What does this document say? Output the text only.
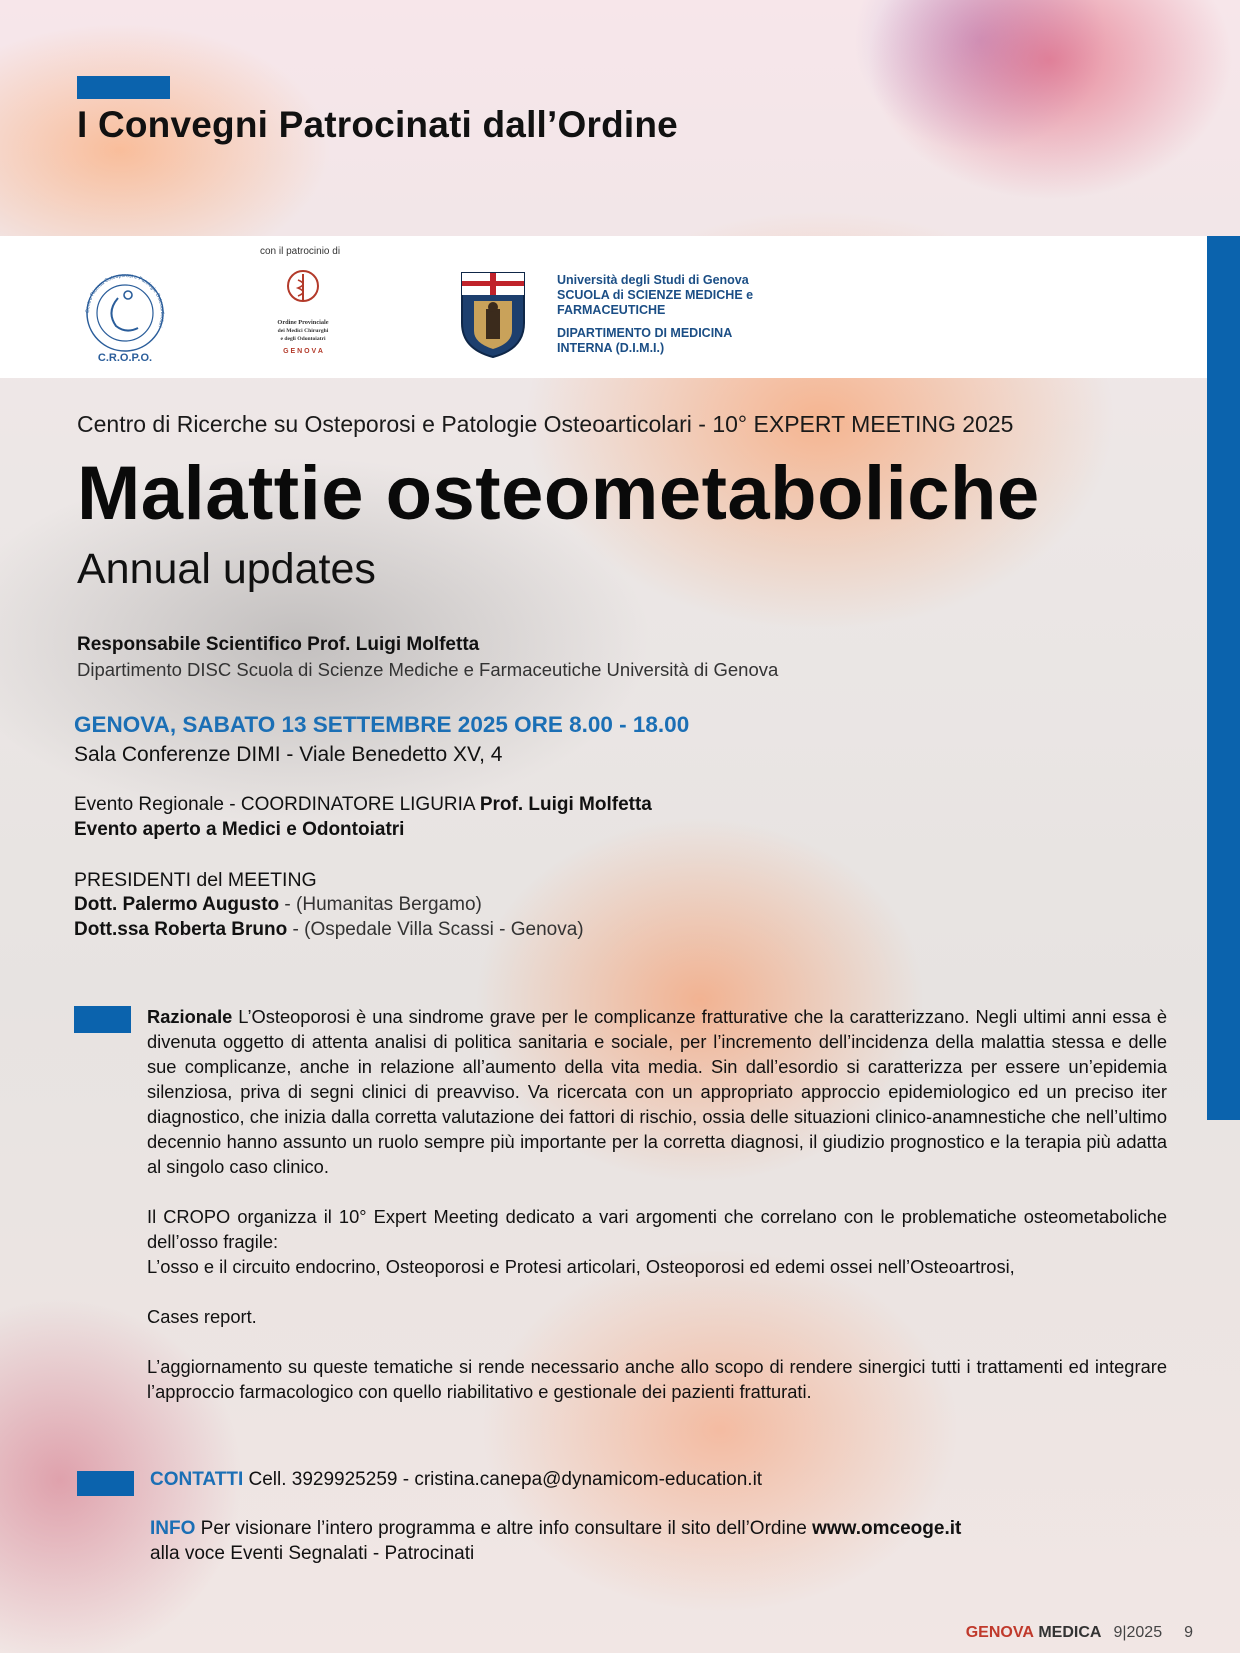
I Convegni Patrocinati dall’Ordine
Centro Ricerca Osteoporosi e Patologie Osteoarticolari
C.R.O.P.O.
con il patrocinio di
Ordine Provinciale
dei Medici Chirurghi
e degli Odontoiatri
G E N O V A
Università degli Studi di Genova
SCUOLA di SCIENZE MEDICHE e
FARMACEUTICHE
DIPARTIMENTO DI MEDICINA
INTERNA (D.I.M.I.)
Centro di Ricerche su Osteporosi e Patologie Osteoarticolari - 10° EXPERT MEETING 2025
Malattie osteometaboliche
Annual updates
Responsabile Scientifico Prof. Luigi Molfetta
Dipartimento DISC Scuola di Scienze Mediche e Farmaceutiche Università di Genova
GENOVA, SABATO 13 SETTEMBRE 2025 ORE 8.00 - 18.00
Sala Conferenze DIMI - Viale Benedetto XV, 4
Evento Regionale - COORDINATORE LIGURIA Prof. Luigi Molfetta
Evento aperto a Medici e Odontoiatri
PRESIDENTI del MEETING
Dott. Palermo Augusto - (Humanitas Bergamo)
Dott.ssa Roberta Bruno - (Ospedale Villa Scassi - Genova)

Razionale L’Osteoporosi è una sindrome grave per le complicanze fratturative che la caratterizzano. Negli ultimi anni essa è divenuta oggetto di attenta analisi di politica sanitaria e sociale, per l’incremento dell’incidenza della malattia stessa e delle sue complicanze, anche in relazione all’aumento della vita media. Sin dall’esordio si caratterizza per essere un’epidemia silenziosa, priva di segni clinici di preavviso. Va ricercata con un appropriato approccio epidemiologico ed un preciso iter diagnostico, che inizia dalla corretta valutazione dei fattori di rischio, ossia delle situazioni clinico-anamnestiche che nell’ultimo decennio hanno assunto un ruolo sempre più importante per la corretta diagnosi, il giudizio prognostico e la terapia più adatta al singolo caso clinico.

Il CROPO organizza il 10° Expert Meeting dedicato a vari argomenti che correlano con le problematiche osteometaboliche dell’osso fragile:
L’osso e il circuito endocrino, Osteoporosi e Protesi articolari, Osteoporosi ed edemi ossei nell’Osteoartrosi,

Cases report.

L’aggiornamento su queste tematiche si rende necessario anche allo scopo di rendere sinergici tutti i trattamenti ed integrare l’approccio farmacologico con quello riabilitativo e gestionale dei pazienti fratturati.

CONTATTI Cell. 3929925259 - cristina.canepa@dynamicom-education.it
INFO Per visionare l’intero programma e altre info consultare il sito dell’Ordine www.omceoge.it
alla voce Eventi Segnalati - Patrocinati
GENOVA MEDICA 9|2025 9
